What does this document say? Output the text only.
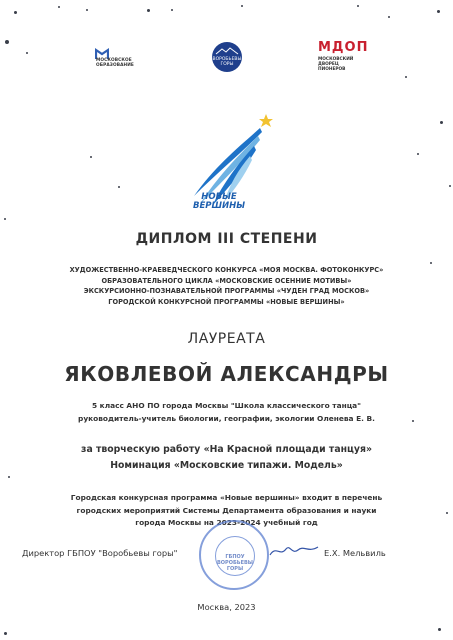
МОСКОВСКОЕ
ОБРАЗОВАНИЕ
ВОРОБЬЕВЫ
ГОРЫ
МДОП
МОСКОВСКИЙ
ДВОРЕЦ
ПИОНЕРОВ
НОВЫЕ
ВЕРШИНЫ
ДИПЛОМ III СТЕПЕНИ
ХУДОЖЕСТВЕННО-КРАЕВЕДЧЕСКОГО КОНКУРСА «МОЯ МОСКВА. ФОТОКОНКУРС»
ОБРАЗОВАТЕЛЬНОГО ЦИКЛА «МОСКОВСКИЕ ОСЕННИЕ МОТИВЫ»
ЭКСКУРСИОННО-ПОЗНАВАТЕЛЬНОЙ ПРОГРАММЫ «ЧУДЕН ГРАД МОСКОВ»
ГОРОДСКОЙ КОНКУРСНОЙ ПРОГРАММЫ «НОВЫЕ ВЕРШИНЫ»
ЛАУРЕАТА
ЯКОВЛЕВОЙ АЛЕКСАНДРЫ
5 класс АНО ПО города Москвы "Школа классического танца"
руководитель-учитель биологии, географии, экологии Оленева Е. В.
за творческую работу «На Красной площади танцуя»
Номинация «Московские типажи. Модель»
Городская конкурсная программа «Новые вершины» входит в перечень
городских мероприятий Системы Департамента образования и науки
города Москвы на 2023-2024 учебный год
ГБПОУ
ВОРОБЬЕВЫ
ГОРЫ
Директор ГБПОУ "Воробьевы горы"	Е.Х. Мельвиль
Москва, 2023
